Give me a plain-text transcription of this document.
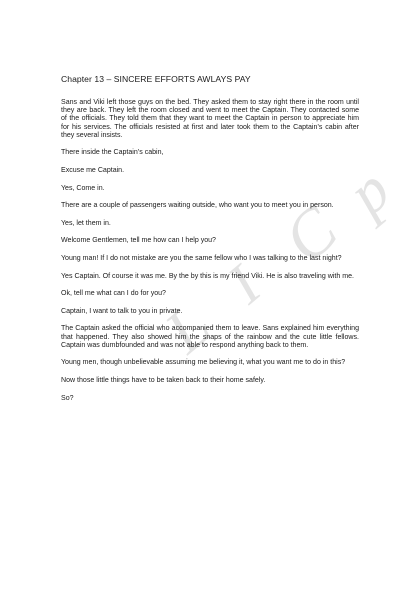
L
I
C
p
Chapter 13 – SINCERE EFFORTS AWLAYS PAY

Sans and Viki left those guys on the bed. They asked them to stay right there in the room until they are back. They left the room closed and went to meet the Captain. They contacted some of the officials. They told them that they want to meet the Captain in person to appreciate him for his services. The officials resisted at first and later took them to the Captain’s cabin after they several insists.

There inside the Captain’s cabin,

Excuse me Captain.

Yes, Come in.

There are a couple of passengers waiting outside, who want you to meet you in person.

Yes, let them in.

Welcome Gentlemen, tell me how can I help you?

Young man! If I do not mistake are you the same fellow who I was talking to the last night?

Yes Captain. Of course it was me. By the by this is my friend Viki. He is also traveling with me.

Ok, tell me what can I do for you?

Captain, I want to talk to you in private.

The Captain asked the official who accompanied them to leave. Sans explained him everything that happened. They also showed him the snaps of the rainbow and the cute little fellows. Captain was dumbfounded and was not able to respond anything back to them.

Young men, though unbelievable assuming me believing it, what you want me to do in this?

Now those little things have to be taken back to their home safely.

So?
